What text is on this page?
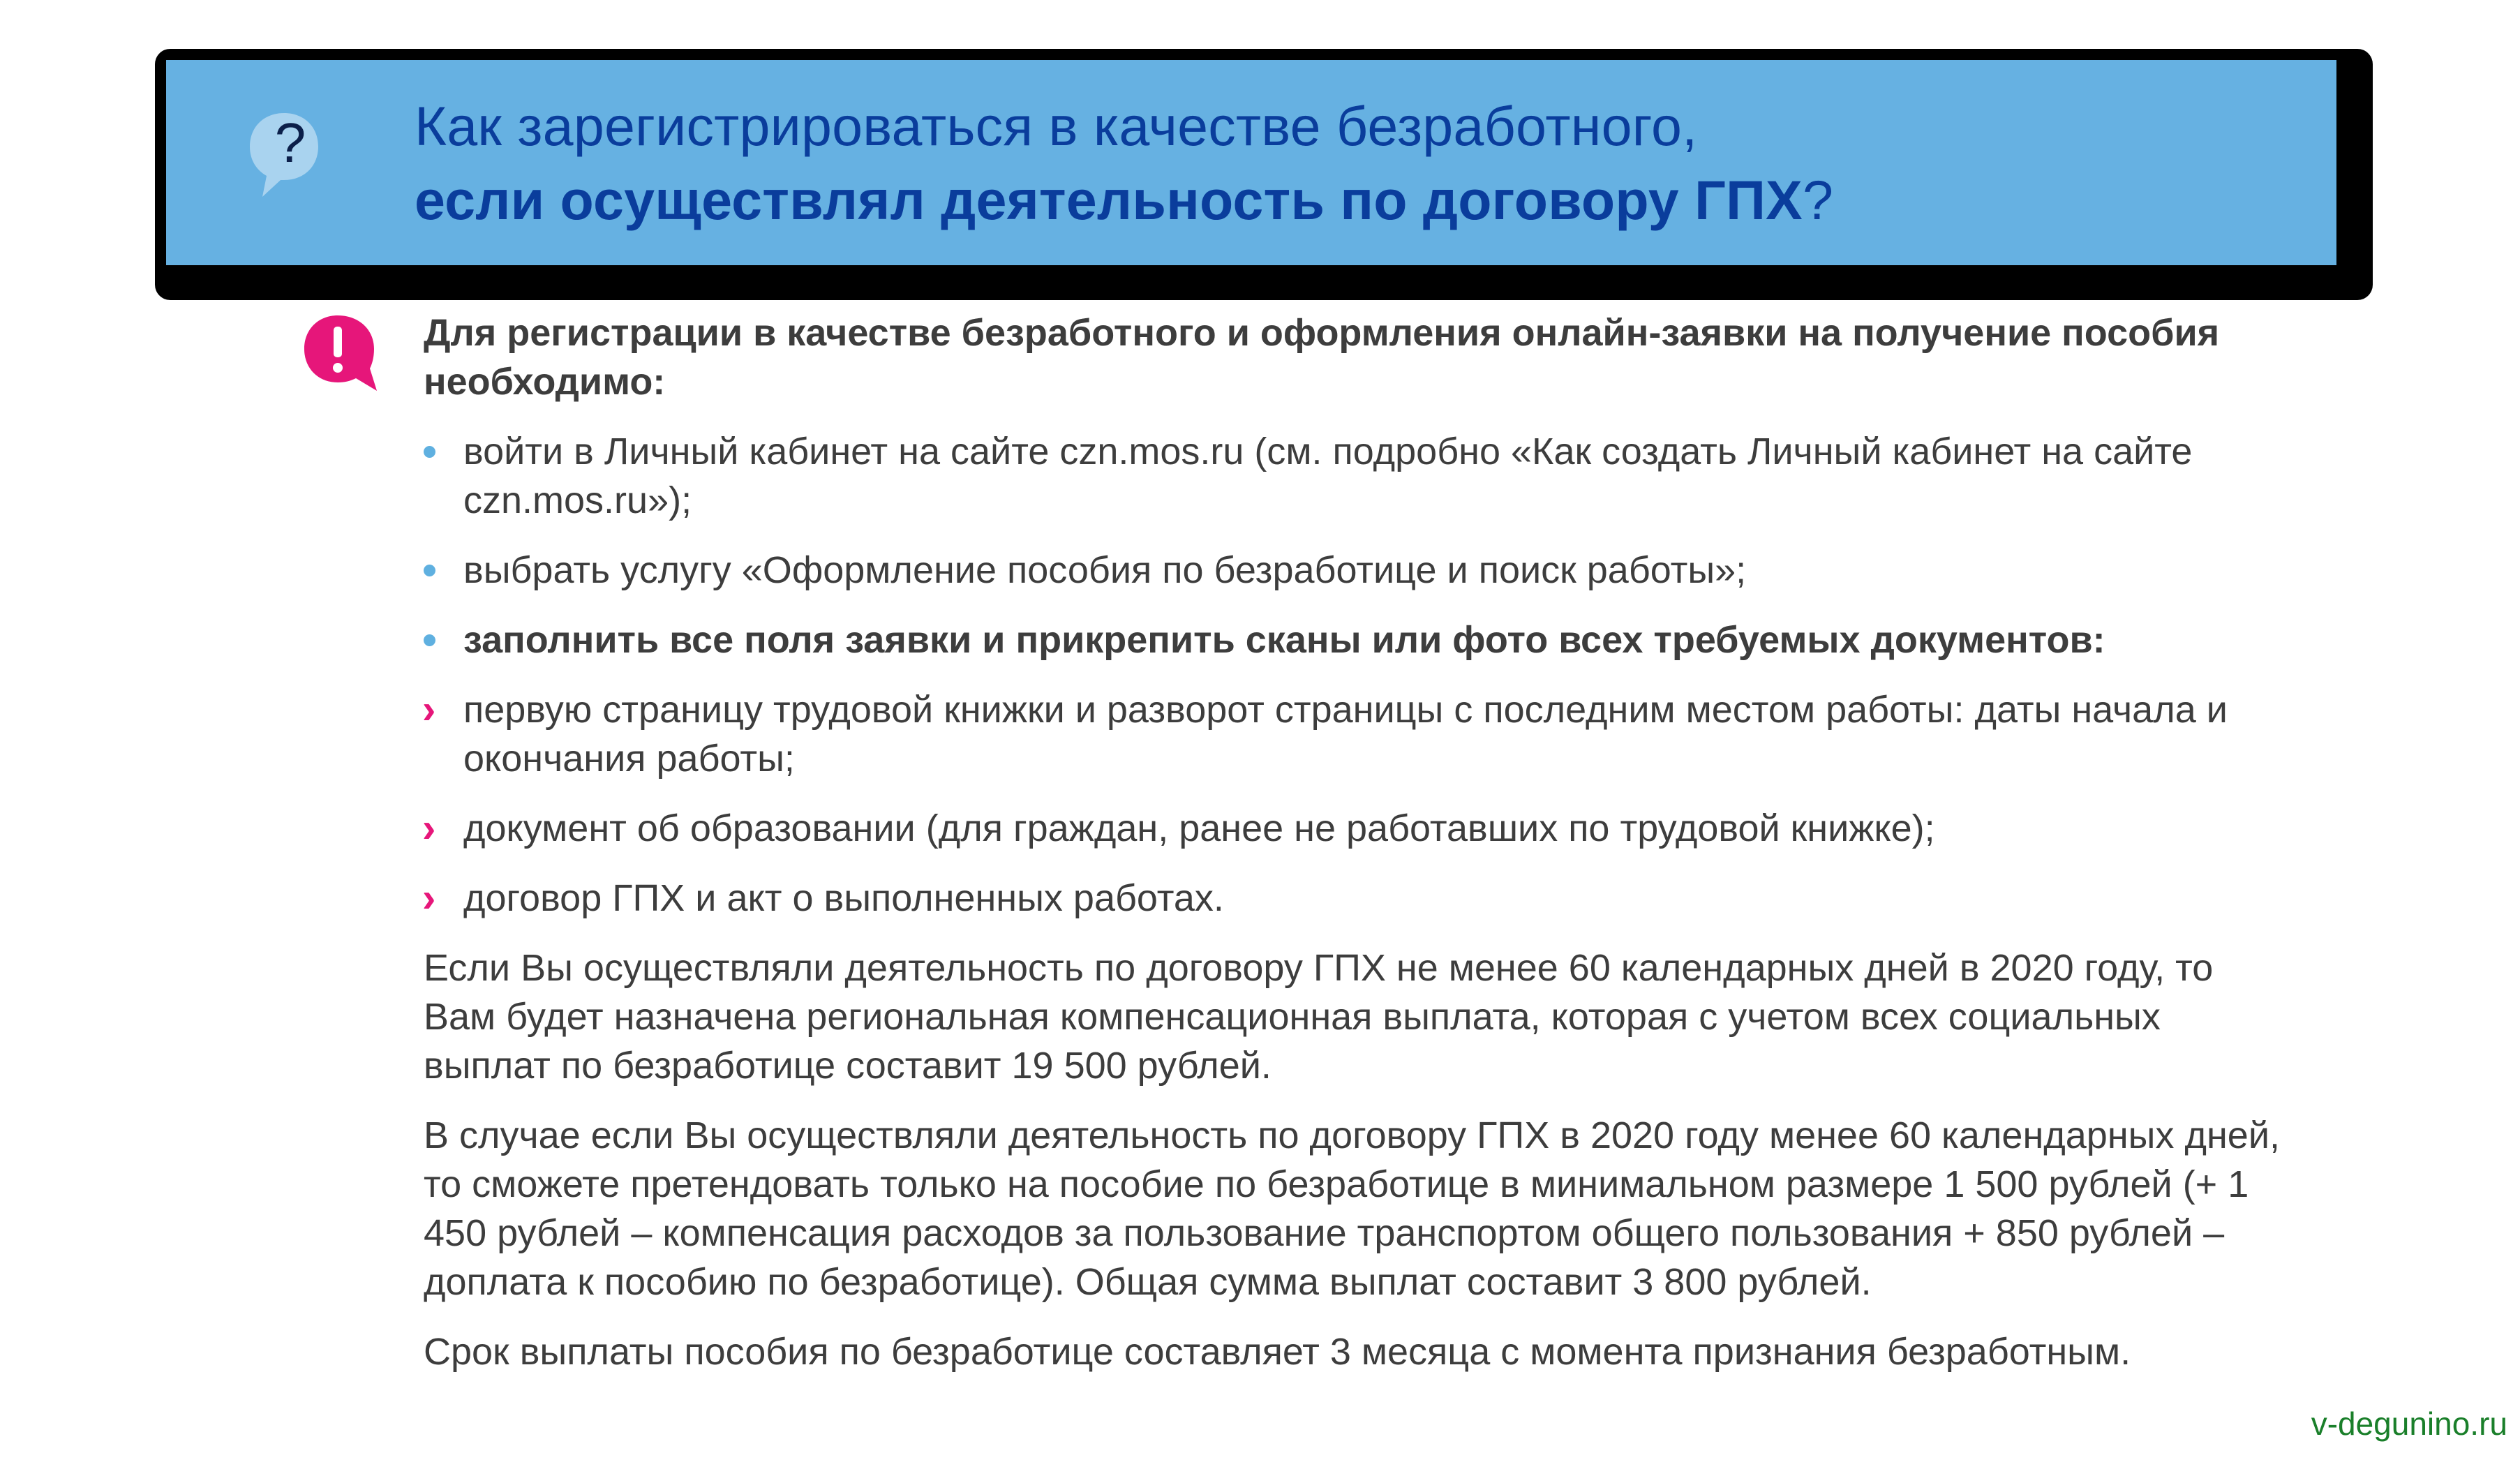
? Как зарегистрироваться в качестве безработного,
если осуществлял деятельность по договору ГПХ?

Для регистрации в качестве безработного и оформления онлайн-заявки на получение пособия необходимо:

войти в Личный кабинет на сайте czn.mos.ru (см. подробно «Как создать Личный кабинет на сайте czn.mos.ru»);
выбрать услугу «Оформление пособия по безработице и поиск работы»;
заполнить все поля заявки и прикрепить сканы или фото всех требуемых документов:
› первую страницу трудовой книжки и разворот страницы с последним местом работы: даты начала и окончания работы;
› документ об образовании (для граждан, ранее не работавших по трудовой книжке);
› договор ГПХ и акт о выполненных работах.

Если Вы осуществляли деятельность по договору ГПХ не менее 60 календарных дней в 2020 году, то Вам будет назначена региональная компенсационная выплата, которая с учетом всех социальных выплат по безработице составит 19 500 рублей.

В случае если Вы осуществляли деятельность по договору ГПХ в 2020 году менее 60 календарных дней, то сможете претендовать только на пособие по безработице в минимальном размере 1 500 рублей (+ 1 450 рублей – компенсация расходов за пользование транспортом общего пользования + 850 рублей – доплата к пособию по безработице). Общая сумма выплат составит 3 800 рублей.

Срок выплаты пособия по безработице составляет 3 месяца с момента признания безработным.

v-degunino.ru
